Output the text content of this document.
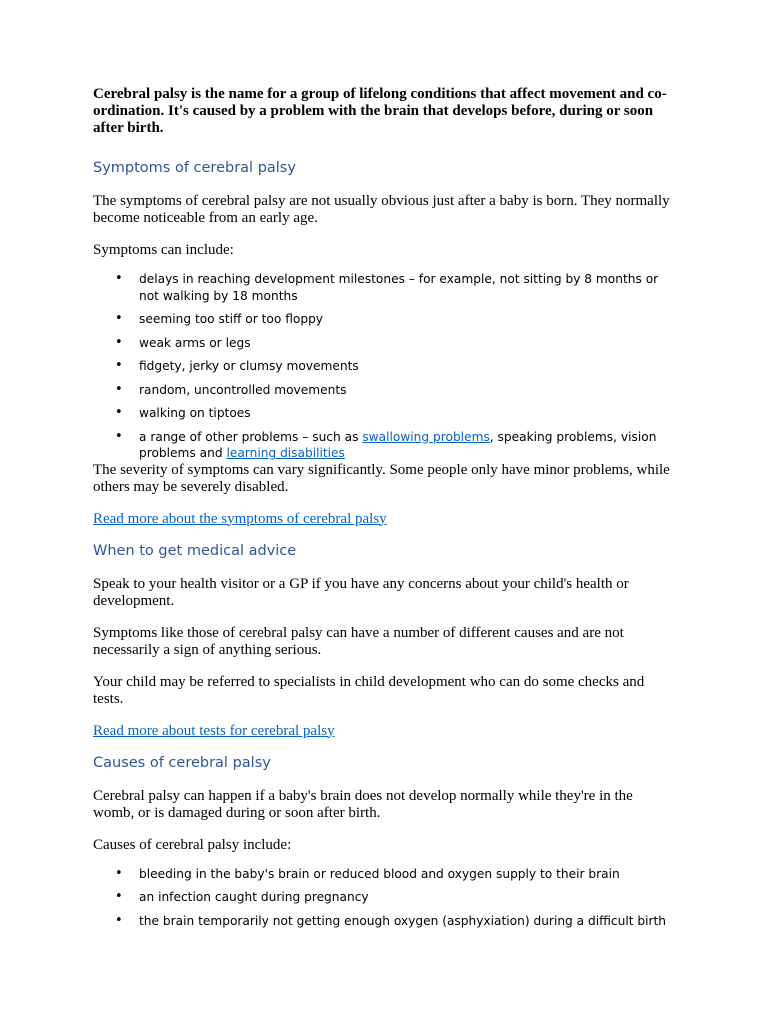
Cerebral palsy is the name for a group of lifelong conditions that affect movement and co-ordination. It's caused by a problem with the brain that develops before, during or soon after birth.

Symptoms of cerebral palsy

The symptoms of cerebral palsy are not usually obvious just after a baby is born. They normally become noticeable from an early age.

Symptoms can include:

• delays in reaching development milestones – for example, not sitting by 8 months or not walking by 18 months
• seeming too stiff or too floppy
• weak arms or legs
• fidgety, jerky or clumsy movements
• random, uncontrolled movements
• walking on tiptoes
• a range of other problems – such as swallowing problems, speaking problems, vision problems and learning disabilities

The severity of symptoms can vary significantly. Some people only have minor problems, while others may be severely disabled.

Read more about the symptoms of cerebral palsy

When to get medical advice

Speak to your health visitor or a GP if you have any concerns about your child's health or development.

Symptoms like those of cerebral palsy can have a number of different causes and are not necessarily a sign of anything serious.

Your child may be referred to specialists in child development who can do some checks and tests.

Read more about tests for cerebral palsy

Causes of cerebral palsy

Cerebral palsy can happen if a baby's brain does not develop normally while they're in the womb, or is damaged during or soon after birth.

Causes of cerebral palsy include:

• bleeding in the baby's brain or reduced blood and oxygen supply to their brain
• an infection caught during pregnancy
• the brain temporarily not getting enough oxygen (asphyxiation) during a difficult birth
